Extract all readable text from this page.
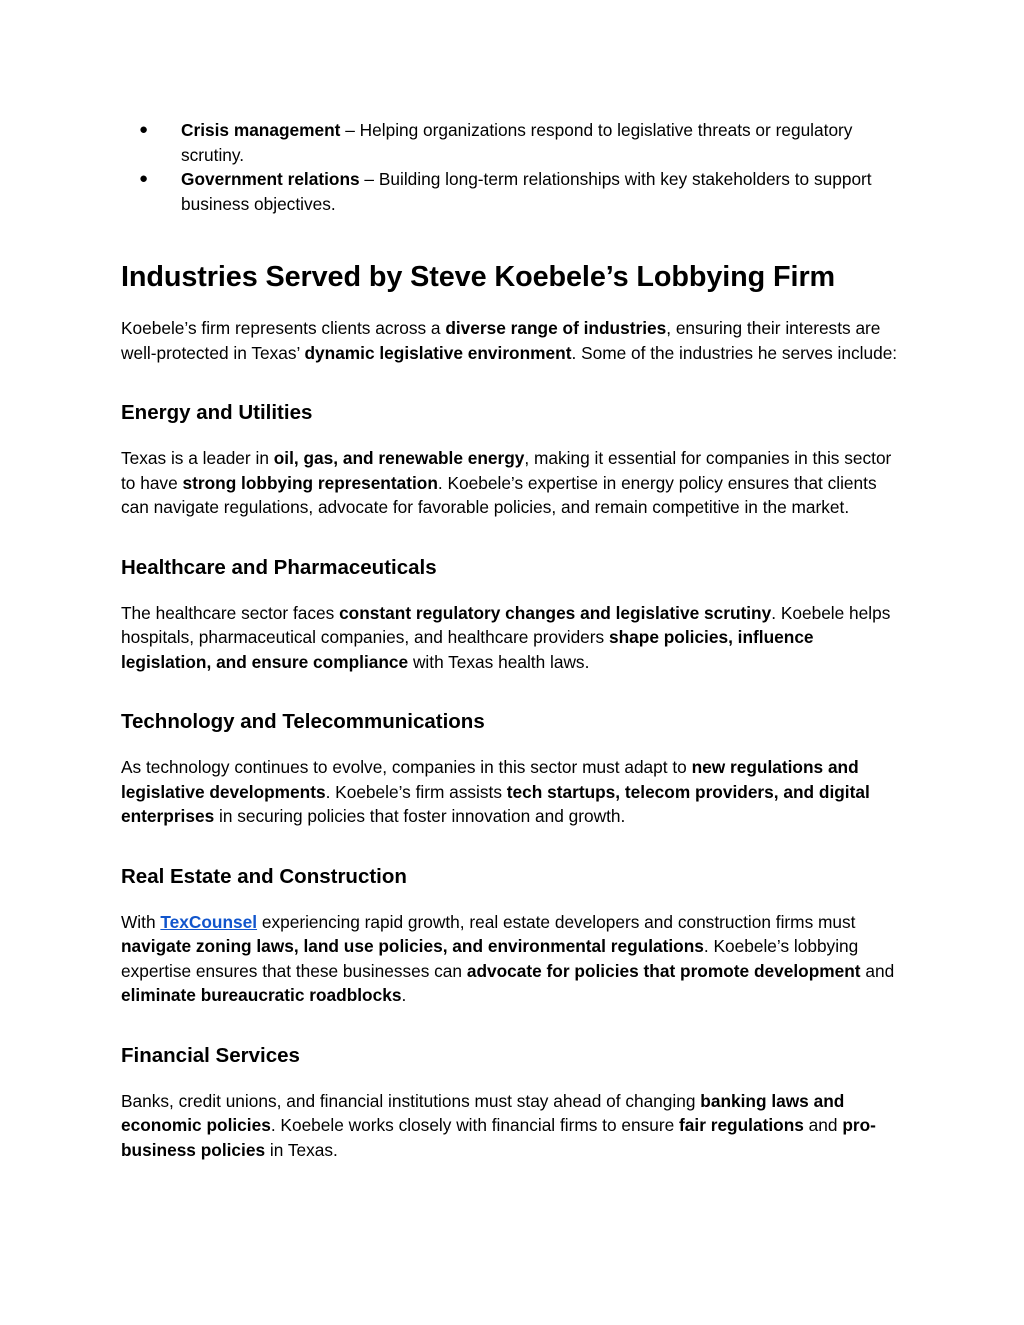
● Crisis management – Helping organizations respond to legislative threats or regulatory scrutiny.
● Government relations – Building long-term relationships with key stakeholders to support business objectives.
Industries Served by Steve Koebele’s Lobbying Firm

Koebele’s firm represents clients across a diverse range of industries, ensuring their interests are well-protected in Texas’ dynamic legislative environment. Some of the industries he serves include:

Energy and Utilities

Texas is a leader in oil, gas, and renewable energy, making it essential for companies in this sector to have strong lobbying representation. Koebele’s expertise in energy policy ensures that clients can navigate regulations, advocate for favorable policies, and remain competitive in the market.

Healthcare and Pharmaceuticals

The healthcare sector faces constant regulatory changes and legislative scrutiny. Koebele helps hospitals, pharmaceutical companies, and healthcare providers shape policies, influence legislation, and ensure compliance with Texas health laws.

Technology and Telecommunications

As technology continues to evolve, companies in this sector must adapt to new regulations and legislative developments. Koebele’s firm assists tech startups, telecom providers, and digital enterprises in securing policies that foster innovation and growth.

Real Estate and Construction

With TexCounsel experiencing rapid growth, real estate developers and construction firms must navigate zoning laws, land use policies, and environmental regulations. Koebele’s lobbying expertise ensures that these businesses can advocate for policies that promote development and eliminate bureaucratic roadblocks.

Financial Services

Banks, credit unions, and financial institutions must stay ahead of changing banking laws and economic policies. Koebele works closely with financial firms to ensure fair regulations and pro-business policies in Texas.
